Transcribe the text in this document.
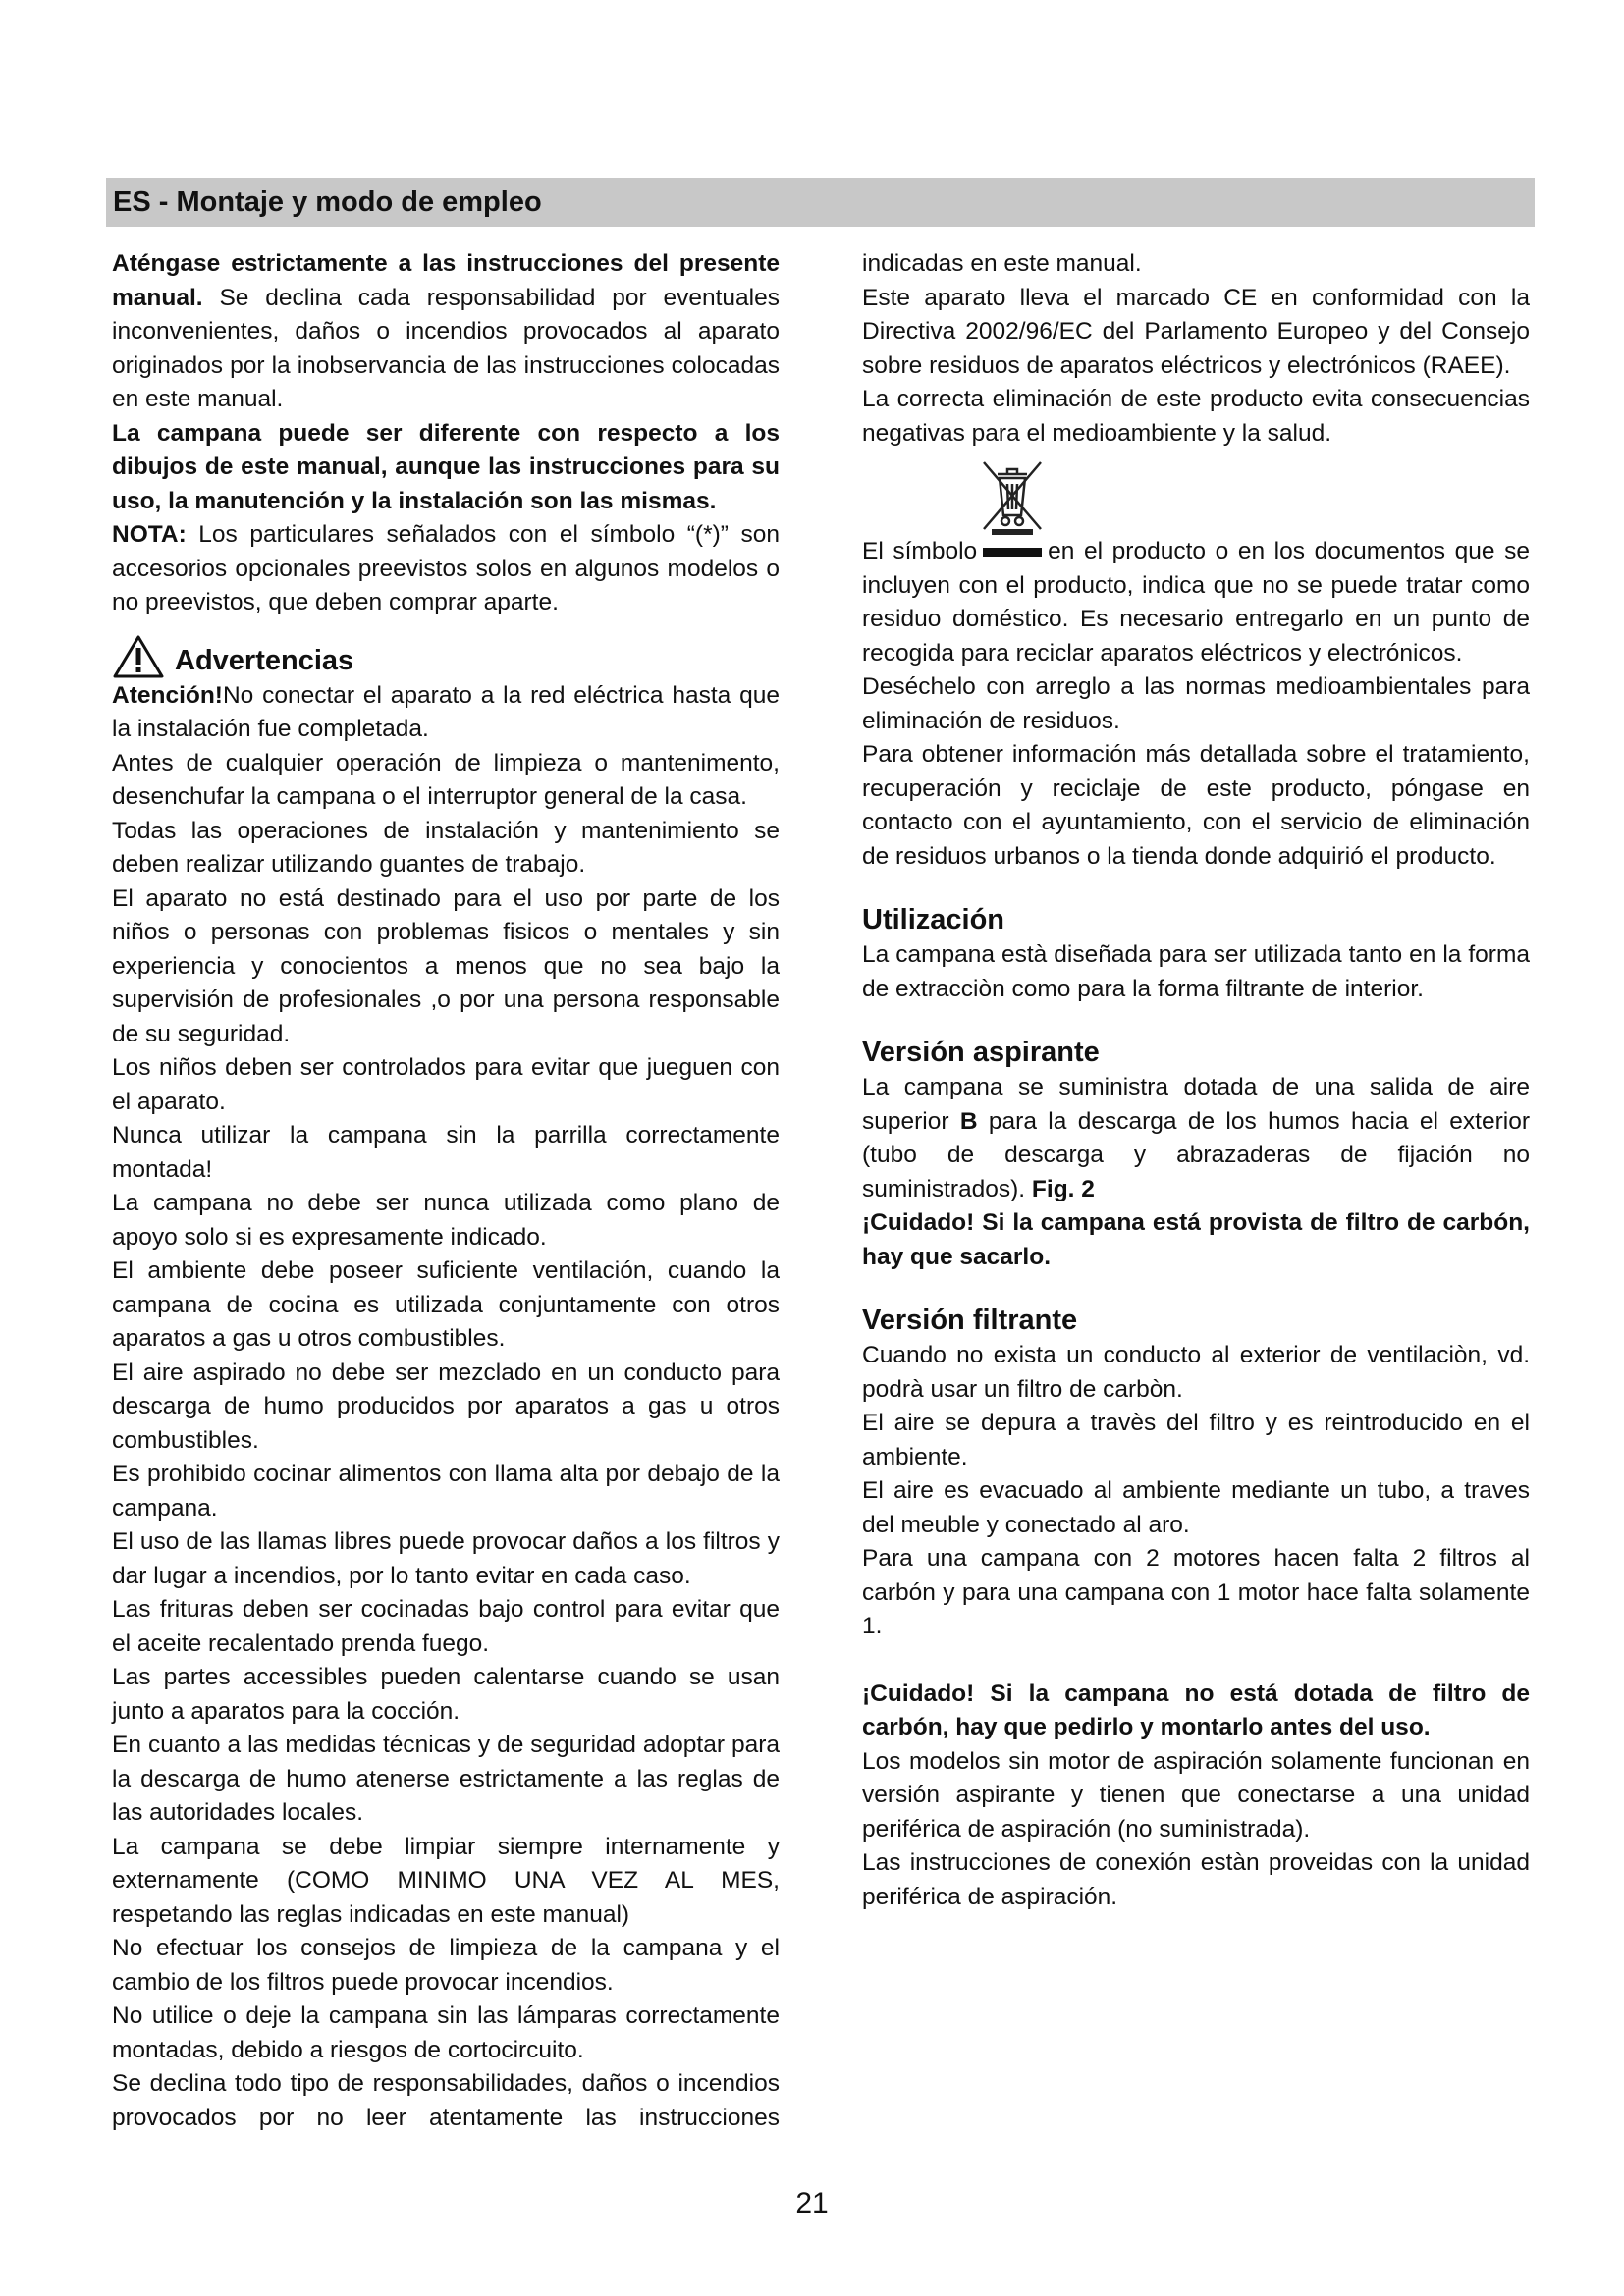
ES - Montaje y modo de empleo

Aténgase estrictamente a las instrucciones del presente manual. Se declina cada responsabilidad por eventuales inconvenientes, daños o incendios provocados al aparato originados por la inobservancia de las instrucciones colocadas en este manual.

La campana puede ser diferente con respecto a los dibujos de este manual, aunque las instrucciones para su uso, la manutención y la instalación son las mismas.

NOTA: Los particulares señalados con el símbolo “(*)” son accesorios opcionales preevistos solos en algunos modelos o no preevistos, que deben comprar aparte.

Advertencias

Atención!No conectar el aparato a la red eléctrica hasta que la instalación fue completada.

Antes de cualquier operación de limpieza o mantenimento, desenchufar la campana o el interruptor general de la casa.

Todas las operaciones de instalación y mantenimiento se deben realizar utilizando guantes de trabajo.

El aparato no está destinado para el uso por parte de los niños o personas con problemas fisicos o mentales y sin experiencia y conocientos a menos que no sea bajo la supervisión de profesionales ,o por una persona responsable de su seguridad.

Los niños deben ser controlados para evitar que jueguen con el aparato.

Nunca utilizar la campana sin la parrilla correctamente montada!

La campana no debe ser nunca utilizada como plano de apoyo solo si es expresamente indicado.

El ambiente debe poseer suficiente ventilación, cuando la campana de cocina es utilizada conjuntamente con otros aparatos a gas u otros combustibles.

El aire aspirado no debe ser mezclado en un conducto para descarga de humo producidos por aparatos a gas u otros combustibles.

Es prohibido cocinar alimentos con llama alta por debajo de la campana.

El uso de las llamas libres puede provocar daños a los filtros y dar lugar a incendios, por lo tanto evitar en cada caso.

Las frituras deben ser cocinadas bajo control para evitar que el aceite recalentado prenda fuego.

Las partes accessibles pueden calentarse cuando se usan junto a aparatos para la cocción.

En cuanto a las medidas técnicas y de seguridad adoptar para la descarga de humo atenerse estrictamente a las reglas de las autoridades locales.

La campana se debe limpiar siempre internamente y externamente (COMO MINIMO UNA VEZ AL MES, respetando las reglas indicadas en este manual)

No efectuar los consejos de limpieza de la campana y el cambio de los filtros puede provocar incendios.

No utilice o deje la campana sin las lámparas correctamente montadas, debido a riesgos de cortocircuito.

Se declina todo tipo de responsabilidades, daños o incendios provocados por no leer atentamente las instrucciones

indicadas en este manual.

Este aparato lleva el marcado CE en conformidad con la Directiva 2002/96/EC del Parlamento Europeo y del Consejo sobre residuos de aparatos eléctricos y electrónicos (RAEE).

La correcta eliminación de este producto evita consecuencias negativas para el medioambiente y la salud.

El símbolo	en el producto o en los documentos que se incluyen con el producto, indica que no se puede tratar como residuo doméstico. Es necesario entregarlo en un punto de recogida para reciclar aparatos eléctricos y electrónicos.

Deséchelo con arreglo a las normas medioambientales para eliminación de residuos.

Para obtener información más detallada sobre el tratamiento, recuperación y reciclaje de este producto, póngase en contacto con el ayuntamiento, con el servicio de eliminación de residuos urbanos o la tienda donde adquirió el producto.

Utilización

La campana està diseñada para ser utilizada tanto en la forma de extracciòn como para la forma filtrante de interior.

Versión aspirante

La campana se suministra dotada de una salida de aire superior B para la descarga de los humos hacia el exterior (tubo de descarga y abrazaderas de fijación no suministrados). Fig. 2

¡Cuidado! Si la campana está provista de filtro de carbón, hay que sacarlo.

Versión filtrante

Cuando no exista un conducto al exterior de ventilaciòn, vd. podrà usar un filtro de carbòn.

El aire se depura a travès del filtro y es reintroducido en el ambiente.

El aire es evacuado al ambiente mediante un tubo, a traves del meuble y conectado al aro.

Para una campana con 2 motores hacen falta 2 filtros al carbón y para una campana con 1 motor hace falta solamente 1.

¡Cuidado! Si la campana no está dotada de filtro de carbón, hay que pedirlo y montarlo antes del uso.

Los modelos sin motor de aspiración solamente funcionan en versión aspirante y tienen que conectarse a una unidad periférica de aspiración (no suministrada).

Las instrucciones de conexión estàn proveidas con la unidad periférica de aspiración.

21
